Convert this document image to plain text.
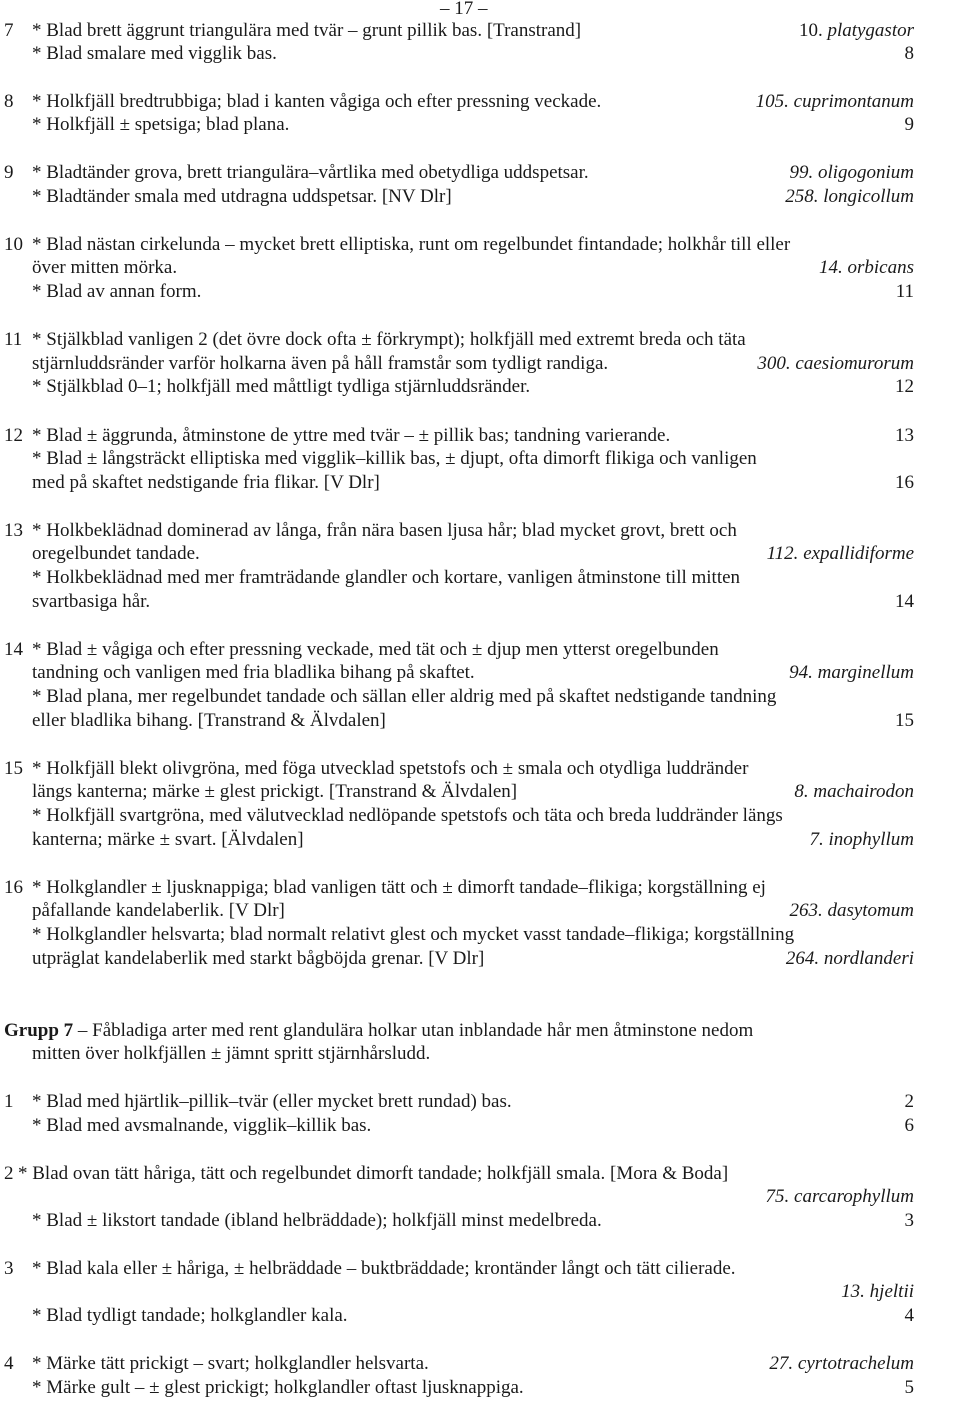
– 17 –
7 * Blad brett äggrunt triangulära med tvär – grunt pillik bas. [Transtrand]	10. platygastor
* Blad smalare med vigglik bas.	8
8 * Holkfjäll bredtrubbiga; blad i kanten vågiga och efter pressning veckade.	105. cuprimontanum
* Holkfjäll ± spetsiga; blad plana.	9
9 * Bladtänder grova, brett triangulära–vårtlika med obetydliga uddspetsar.	99. oligogonium
* Bladtänder smala med utdragna uddspetsar. [NV Dlr]	258. longicollum
10 * Blad nästan cirkelunda – mycket brett elliptiska, runt om regelbundet fintandade; holkhår till eller
över mitten mörka.	14. orbicans
* Blad av annan form.	11
11 * Stjälkblad vanligen 2 (det övre dock ofta ± förkrympt); holkfjäll med extremt breda och täta
stjärnluddsränder varför holkarna även på håll framstår som tydligt randiga.	300. caesiomurorum
* Stjälkblad 0–1; holkfjäll med måttligt tydliga stjärnluddsränder.	12
12 * Blad ± äggrunda, åtminstone de yttre med tvär – ± pillik bas; tandning varierande.	13
* Blad ± långsträckt elliptiska med vigglik–killik bas, ± djupt, ofta dimorft flikiga och vanligen
med på skaftet nedstigande fria flikar. [V Dlr]	16
13 * Holkbeklädnad dominerad av långa, från nära basen ljusa hår; blad mycket grovt, brett och
oregelbundet tandade.	112. expallidiforme
* Holkbeklädnad med mer framträdande glandler och kortare, vanligen åtminstone till mitten
svartbasiga hår.	14
14 * Blad ± vågiga och efter pressning veckade, med tät och ± djup men ytterst oregelbunden
tandning och vanligen med fria bladlika bihang på skaftet.	94. marginellum
* Blad plana, mer regelbundet tandade och sällan eller aldrig med på skaftet nedstigande tandning
eller bladlika bihang. [Transtrand & Älvdalen]	15
15 * Holkfjäll blekt olivgröna, med föga utvecklad spetstofs och ± smala och otydliga luddränder
längs kanterna; märke ± glest prickigt. [Transtrand & Älvdalen]	8. machairodon
* Holkfjäll svartgröna, med välutvecklad nedlöpande spetstofs och täta och breda luddränder längs
kanterna; märke ± svart. [Älvdalen]	7. inophyllum
16 * Holkglandler ± ljusknappiga; blad vanligen tätt och ± dimorft tandade–flikiga; korgställning ej
påfallande kandelaberlik. [V Dlr]	263. dasytomum
* Holkglandler helsvarta; blad normalt relativt glest och mycket vasst tandade–flikiga; korgställning
utpräglat kandelaberlik med starkt bågböjda grenar. [V Dlr]	264. nordlanderi
Grupp 7 – Fåbladiga arter med rent glandulära holkar utan inblandade hår men åtminstone nedom
mitten över holkfjällen ± jämnt spritt stjärnhårsludd.
1 * Blad med hjärtlik–pillik–tvär (eller mycket brett rundad) bas.	2
* Blad med avsmalnande, vigglik–killik bas.	6
2 * Blad ovan tätt håriga, tätt och regelbundet dimorft tandade; holkfjäll smala. [Mora & Boda]
75. carcarophyllum
* Blad ± likstort tandade (ibland helbräddade); holkfjäll minst medelbreda.	3
3 * Blad kala eller ± håriga, ± helbräddade – buktbräddade; krontänder långt och tätt cilierade.
13. hjeltii
* Blad tydligt tandade; holkglandler kala.	4
4 * Märke tätt prickigt – svart; holkglandler helsvarta.	27. cyrtotrachelum
* Märke gult – ± glest prickigt; holkglandler oftast ljusknappiga.	5
